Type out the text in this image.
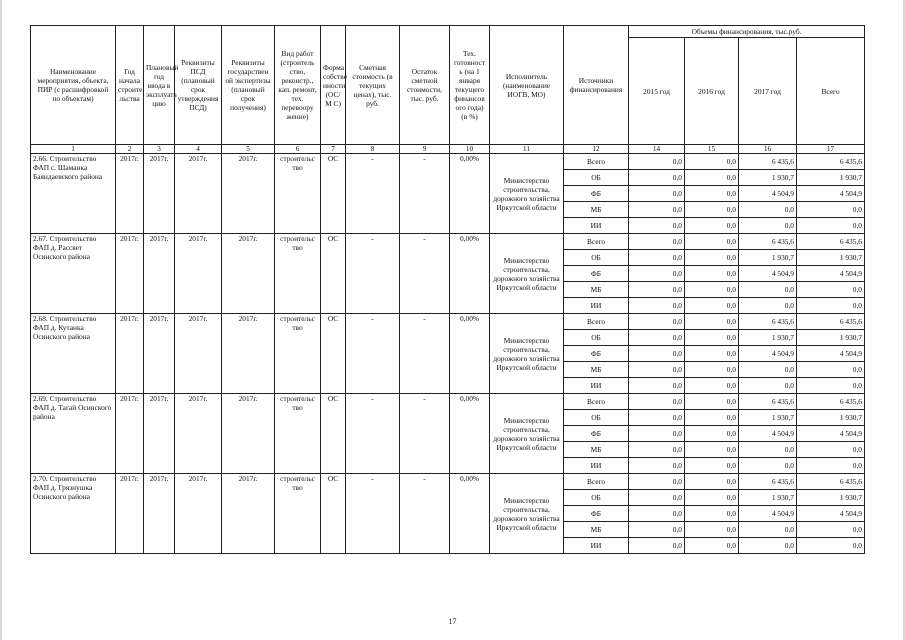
Наименование мероприятия, объекта, ПИР (с расшифровкой по объектам)	Год начала строите льства	Плановый год ввода в эксплуата цию	Реквизиты ПСД (плановый срок утверждения ПСД)	Реквизиты государствен ой экспертизы (плановый срок получения)	Вид работ (строитель ство, реконстр., кап. ремонт, тех. перевоору жение)	Форма собстве нности (ОС/М С)	Сметная стоимость (в текущих ценах), тыс. руб.	Остаток сметной стоимости, тыс. руб.	Тех. готовност ь (на 1 января текущего финансов ого года) (в %)	Исполнитель (наименование ИОГВ, МО)	Источники финансирования	Объемы финансирования, тыс.руб.			
												2015 год	2016 год	2017 год	Всего
1	2	3	4	5	6	7	8	9	10	11	12	14	15	16	17
2.66. Строительство ФАП с. Шаманка Баяндаевского района	2017г.	2017г.	2017г.	2017г.	строительс тво	ОС	-	-	0,00%	Министерство строительства, дорожного хозяйства Иркутской области	Всего	0,0	0,0	6 435,6	6 435,6
											ОБ	0,0	0,0	1 930,7	1 930,7
											ФБ	0,0	0,0	4 504,9	4 504,9
											МБ	0,0	0,0	0,0	0,0
											ИИ	0,0	0,0	0,0	0,0
2.67. Строительство ФАП д. Рассвет Осинского района	2017г.	2017г.	2017г.	2017г.	строительс тво	ОС	-	-	0,00%	Министерство строительства, дорожного хозяйства Иркутской области	Всего	0,0	0,0	6 435,6	6 435,6
											ОБ	0,0	0,0	1 930,7	1 930,7
											ФБ	0,0	0,0	4 504,9	4 504,9
											МБ	0,0	0,0	0,0	0,0
											ИИ	0,0	0,0	0,0	0,0
2.68. Строительство ФАП д. Кутанка Осинского района	2017г.	2017г.	2017г.	2017г.	строительс тво	ОС	-	-	0,00%	Министерство строительства, дорожного хозяйства Иркутской области	Всего	0,0	0,0	6 435,6	6 435,6
											ОБ	0,0	0,0	1 930,7	1 930,7
											ФБ	0,0	0,0	4 504,9	4 504,9
											МБ	0,0	0,0	0,0	0,0
											ИИ	0,0	0,0	0,0	0,0
2.69. Строительство ФАП д. Тагай Осинского района	2017г.	2017г.	2017г.	2017г.	строительс тво	ОС	-	-	0,00%	Министерство строительства, дорожного хозяйства Иркутской области	Всего	0,0	0,0	6 435,6	6 435,6
											ОБ	0,0	0,0	1 930,7	1 930,7
											ФБ	0,0	0,0	4 504,9	4 504,9
											МБ	0,0	0,0	0,0	0,0
											ИИ	0,0	0,0	0,0	0,0
2.70. Строительство ФАП д. Грязнушка Осинского района	2017г.	2017г.	2017г.	2017г.	строительс тво	ОС	-	-	0,00%	Министерство строительства, дорожного хозяйства Иркутской области	Всего	0,0	0,0	6 435,6	6 435,6
											ОБ	0,0	0,0	1 930,7	1 930,7
											ФБ	0,0	0,0	4 504,9	4 504,9
											МБ	0,0	0,0	0,0	0,0
											ИИ	0,0	0,0	0,0	0,0
17
